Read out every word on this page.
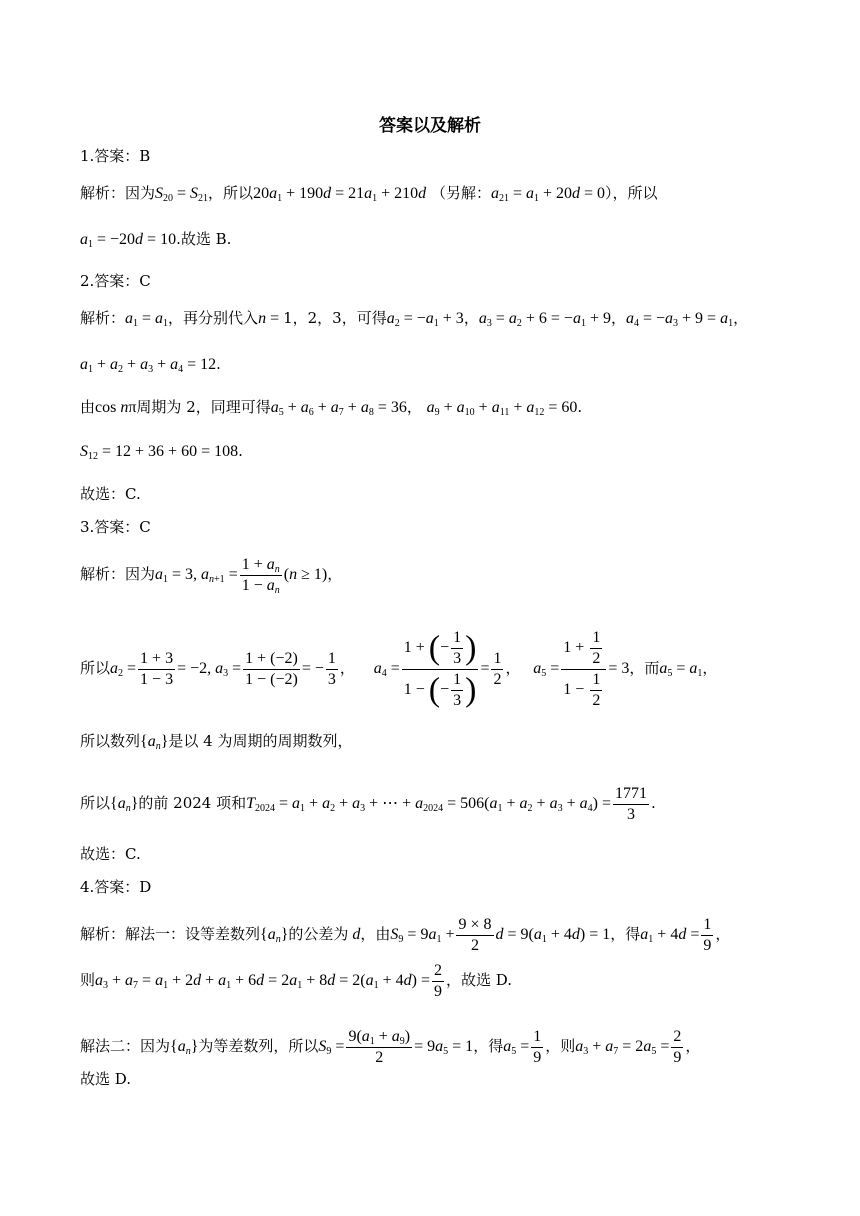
答案以及解析
1.答案：B
解析：因为$S_{20} = S_{21}$，所以$20a_1 + 190d = 21a_1 + 210d$ （另解：$a_{21} = a_1 + 20d = 0$），所以
$a_1 = -20d = 10$.故选 B.
2.答案：C
解析：$a_1 = a_1$，再分别代入n = 1，2，3，可得$a_2 = -a_1 + 3$，$a_3 = a_2 + 6 = -a_1 + 9$，$a_4 = -a_3 + 9 = a_1$，
$a_1 + a_2 + a_3 + a_4 = 12$.
由cos nπ周期为 2，同理可得$a_5 + a_6 + a_7 + a_8 = 36$， $a_9 + a_{10} + a_{11} + a_{12} = 60$.
$S_{12} = 12 + 36 + 60 = 108$.
故选：C.
3.答案：C
解析：因为$a_1 = 3$, $a_{n+1} = \frac{1 + a_n}{1 - a_n} (n \ge 1)$，
所以$a_2 = \frac{1 + 3}{1 - 3} = -2$, $a_3 = \frac{1 + (-2)}{1 - (-2)}$ = − $\frac{1}{3}$ ， $a_4 = \frac{1 + (- \frac{1}{3} )}{1 - (- \frac{1}{3} )} = \frac{1}{2}$ ， $a_5 = \frac{1 + \frac{1}{2}}{1 - \frac{1}{2}} = 3$，而$a_5 = a_1$，
所以数列$\{a_n\}$是以 4 为周期的周期数列，
所以$\{a_n\}$的前 2024 项和$T_{2024} = a_1 + a_2 + a_3$ + ⋯ + $a_{2024} = 506(a_1 + a_2 + a_3 + a_4) = \frac{1771}{3}$ .
故选：C.
4.答案：D
解析：解法一：设等差数列$\{a_n\}$的公差为 d，由$S_9 = 9a_1 + \frac{9 \times 8}{2}$ $d = 9(a_1 + 4d) = 1$，得$a_1 + 4d = \frac{1}{9}$ ，
则$a_3 + a_7 = a_1 + 2d + a_1 + 6d = 2a_1 + 8d = 2(a_1 + 4d) = \frac{2}{9}$ ，故选 D.
解法二：因为$\{a_n\}$为等差数列，所以$S_9 = \frac{9(a_1 + a_9)}{2} = 9a_5 = 1$，得$a_5 = \frac{1}{9}$ ，则$a_3 + a_7 = 2a_5 = \frac{2}{9}$ ，
故选 D.
